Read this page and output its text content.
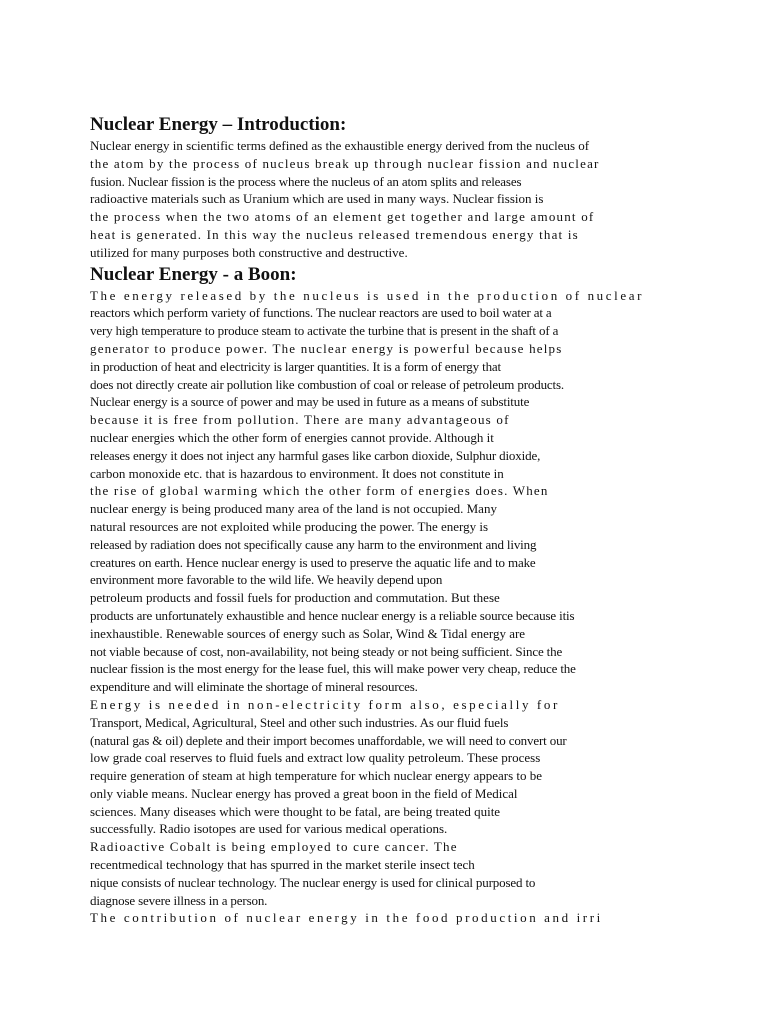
Nuclear Energy – Introduction:
Nuclear energy in scientific terms defined as the exhaustible energy derived from the nucleus of
the atom by the process of nucleus break up through nuclear fission and nuclear
fusion. Nuclear fission is the process where the nucleus of an atom splits and releases
radioactive materials such as Uranium which are used in many ways. Nuclear fission is
the process when the two atoms of an element get together and large amount of
heat is generated. In this way the nucleus released tremendous energy that is
utilized for many purposes both constructive and destructive.
Nuclear Energy - a Boon:
The energy released by the nucleus is used in the production of nuclear
reactors which perform variety of functions. The nuclear reactors are used to boil water at a
very high temperature to produce steam to activate the turbine that is present in the shaft of a
generator to produce power. The nuclear energy is powerful because helps
in production of heat and electricity is larger quantities. It is a form of energy that
does not directly create air pollution like combustion of coal or release of petroleum products.
Nuclear energy is a source of power and may be used in future as a means of substitute
because it is free from pollution. There are many advantageous of
nuclear energies which the other form of energies cannot provide. Although it
releases energy it does not inject any harmful gases like carbon dioxide, Sulphur dioxide,
carbon monoxide etc. that is hazardous to environment. It does not constitute in
the rise of global warming which the other form of energies does. When
nuclear energy is being produced many area of the land is not occupied. Many
natural resources are not exploited while producing the power. The energy is
released by radiation does not specifically cause any harm to the environment and living
creatures on earth. Hence nuclear energy is used to preserve the aquatic life and to make
environment more favorable to the wild life. We heavily depend upon
petroleum products and fossil fuels for production and commutation. But these
products are unfortunately exhaustible and hence nuclear energy is a reliable source because itis
inexhaustible. Renewable sources of energy such as Solar, Wind & Tidal energy are
not viable because of cost, non-availability, not being steady or not being sufficient. Since the
nuclear fission is the most energy for the lease fuel, this will make power very cheap, reduce the
expenditure and will eliminate the shortage of mineral resources.
Energy is needed in non-electricity form also, especially for
Transport, Medical, Agricultural, Steel and other such industries. As our fluid fuels
(natural gas & oil) deplete and their import becomes unaffordable, we will need to convert our
low grade coal reserves to fluid fuels and extract low quality petroleum. These process
require generation of steam at high temperature for which nuclear energy appears to be
only viable means. Nuclear energy has proved a great boon in the field of Medical
sciences. Many diseases which were thought to be fatal, are being treated quite
successfully. Radio isotopes are used for various medical operations.
Radioactive Cobalt is being employed to cure cancer. The
recentmedical technology that has spurred in the market sterile insect tech
nique consists of nuclear technology. The nuclear energy is used for clinical purposed to
diagnose severe illness in a person.
The contribution of nuclear energy in the food production and irri
